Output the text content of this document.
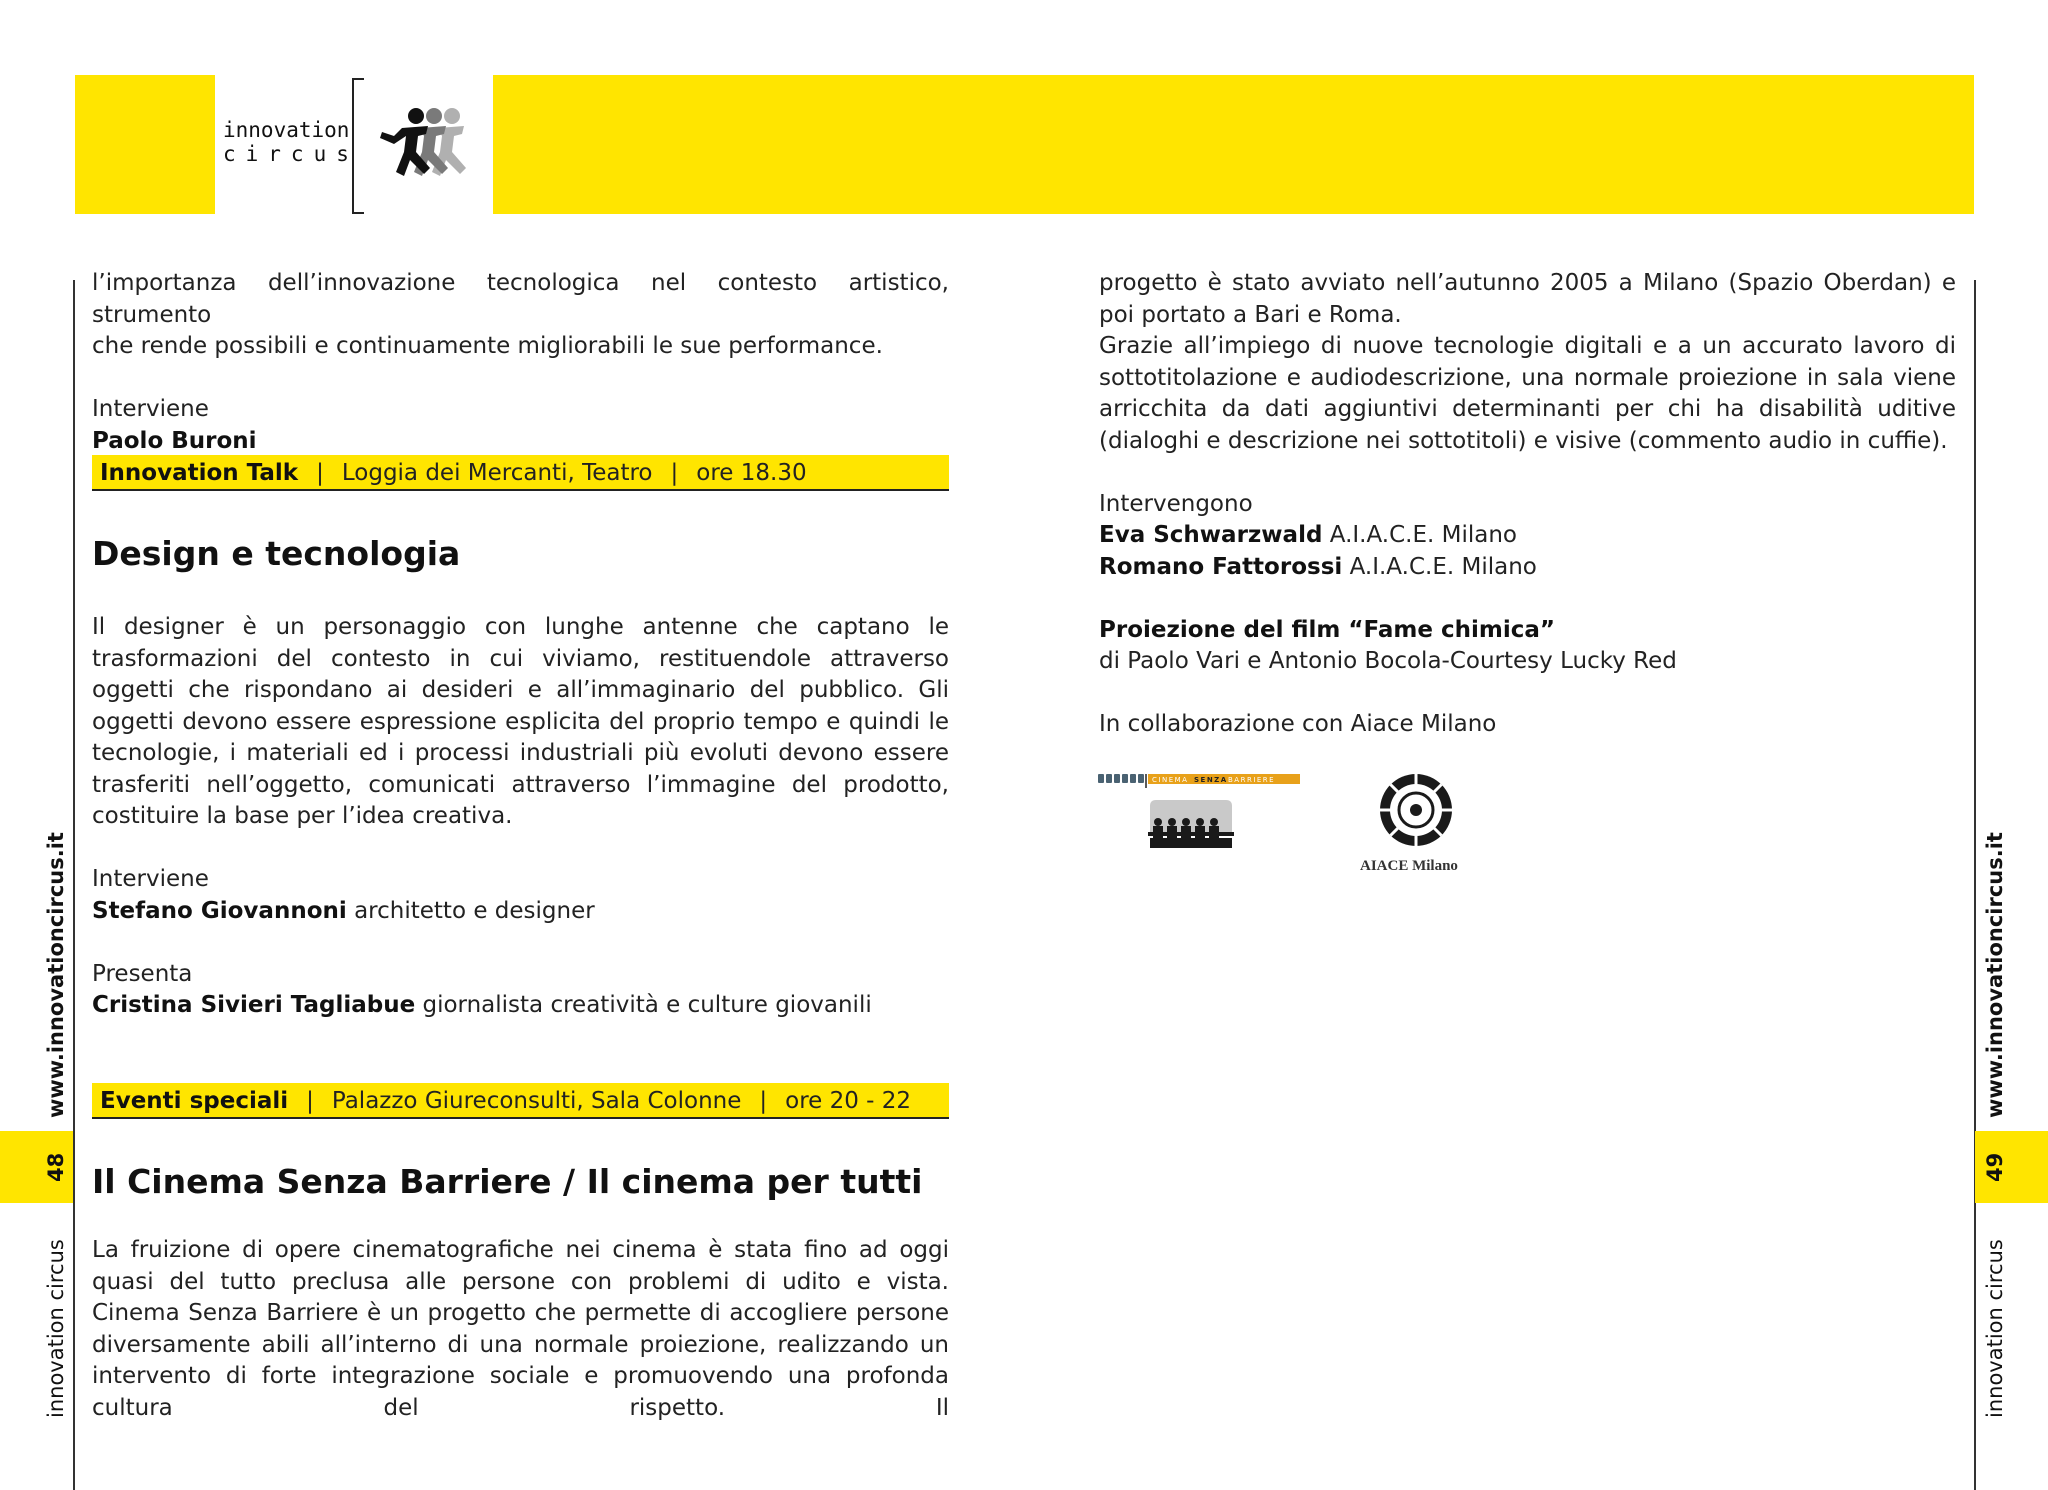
innovation
circus
www.innovationcircus.it
48
innovation circus
www.innovationcircus.it
49
innovation circus

l’importanza dell’innovazione tecnologica nel contesto artistico, strumento

che rende possibili e continuamente migliorabili le sue performance.

Interviene

Paolo Buroni

Innovation Talk | Loggia dei Mercanti, Teatro | ore 18.30
Design e tecnologia

Il designer è un personaggio con lunghe antenne che captano le trasformazioni del contesto in cui viviamo, restituendole attraverso oggetti che rispondano ai desideri e all’immaginario del pubblico. Gli oggetti devono essere espressione esplicita del proprio tempo e quindi le tecnologie, i materiali ed i processi industriali più evoluti devono essere trasferiti nell’oggetto, comunicati attraverso l’immagine del prodotto, costituire la base per l’idea creativa.

Interviene

Stefano Giovannoni architetto e designer

Presenta

Cristina Sivieri Tagliabue giornalista creatività e culture giovanili

Eventi speciali | Palazzo Giureconsulti, Sala Colonne | ore 20 - 22
Il Cinema Senza Barriere / Il cinema per tutti

La fruizione di opere cinematografiche nei cinema è stata fino ad oggi quasi del tutto preclusa alle persone con problemi di udito e vista. Cinema Senza Barriere è un progetto che permette di accogliere persone diversamente abili all’interno di una normale proiezione, realizzando un intervento di forte integrazione sociale e promuovendo una profonda cultura del rispetto. Il

progetto è stato avviato nell’autunno 2005 a Milano (Spazio Oberdan) e poi portato a Bari e Roma.

Grazie all’impiego di nuove tecnologie digitali e a un accurato lavoro di sottotitolazione e audiodescrizione, una normale proiezione in sala viene arricchita da dati aggiuntivi determinanti per chi ha disabilità uditive (dialoghi e descrizione nei sottotitoli) e visive (commento audio in cuffie).

Intervengono

Eva Schwarzwald A.I.A.C.E. Milano

Romano Fattorossi A.I.A.C.E. Milano

Proiezione del film “Fame chimica”

di Paolo Vari e Antonio Bocola-Courtesy Lucky Red

In collaborazione con Aiace Milano

CINEMA SENZA BARRIERE
AIACE Milano
